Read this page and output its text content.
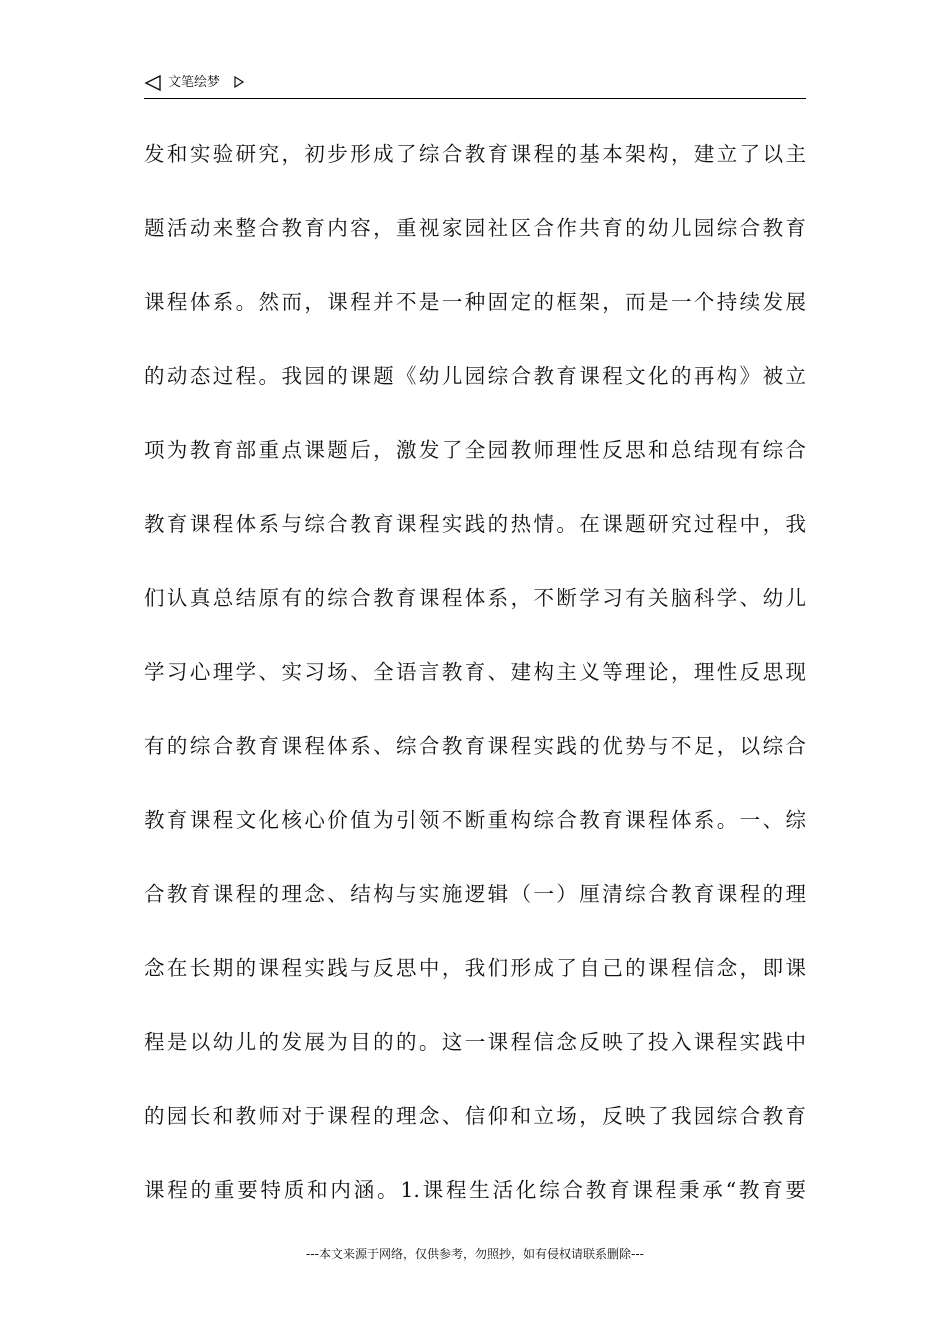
文笔绘梦
发和实验研究，初步形成了综合教育课程的基本架构，建立了以主
题活动来整合教育内容，重视家园社区合作共育的幼儿园综合教育
课程体系。然而，课程并不是一种固定的框架，而是一个持续发展
的动态过程。我园的课题《幼儿园综合教育课程文化的再构》被立
项为教育部重点课题后，激发了全园教师理性反思和总结现有综合
教育课程体系与综合教育课程实践的热情。在课题研究过程中，我
们认真总结原有的综合教育课程体系，不断学习有关脑科学、幼儿
学习心理学、实习场、全语言教育、建构主义等理论，理性反思现
有的综合教育课程体系、综合教育课程实践的优势与不足，以综合
教育课程文化核心价值为引领不断重构综合教育课程体系。一、综
合教育课程的理念、结构与实施逻辑（一）厘清综合教育课程的理
念在长期的课程实践与反思中，我们形成了自己的课程信念，即课
程是以幼儿的发展为目的的。这一课程信念反映了投入课程实践中
的园长和教师对于课程的理念、信仰和立场，反映了我园综合教育
课程的重要特质和内涵。1.课程生活化综合教育课程秉承“教育要
---本文来源于网络，仅供参考，勿照抄，如有侵权请联系删除---
